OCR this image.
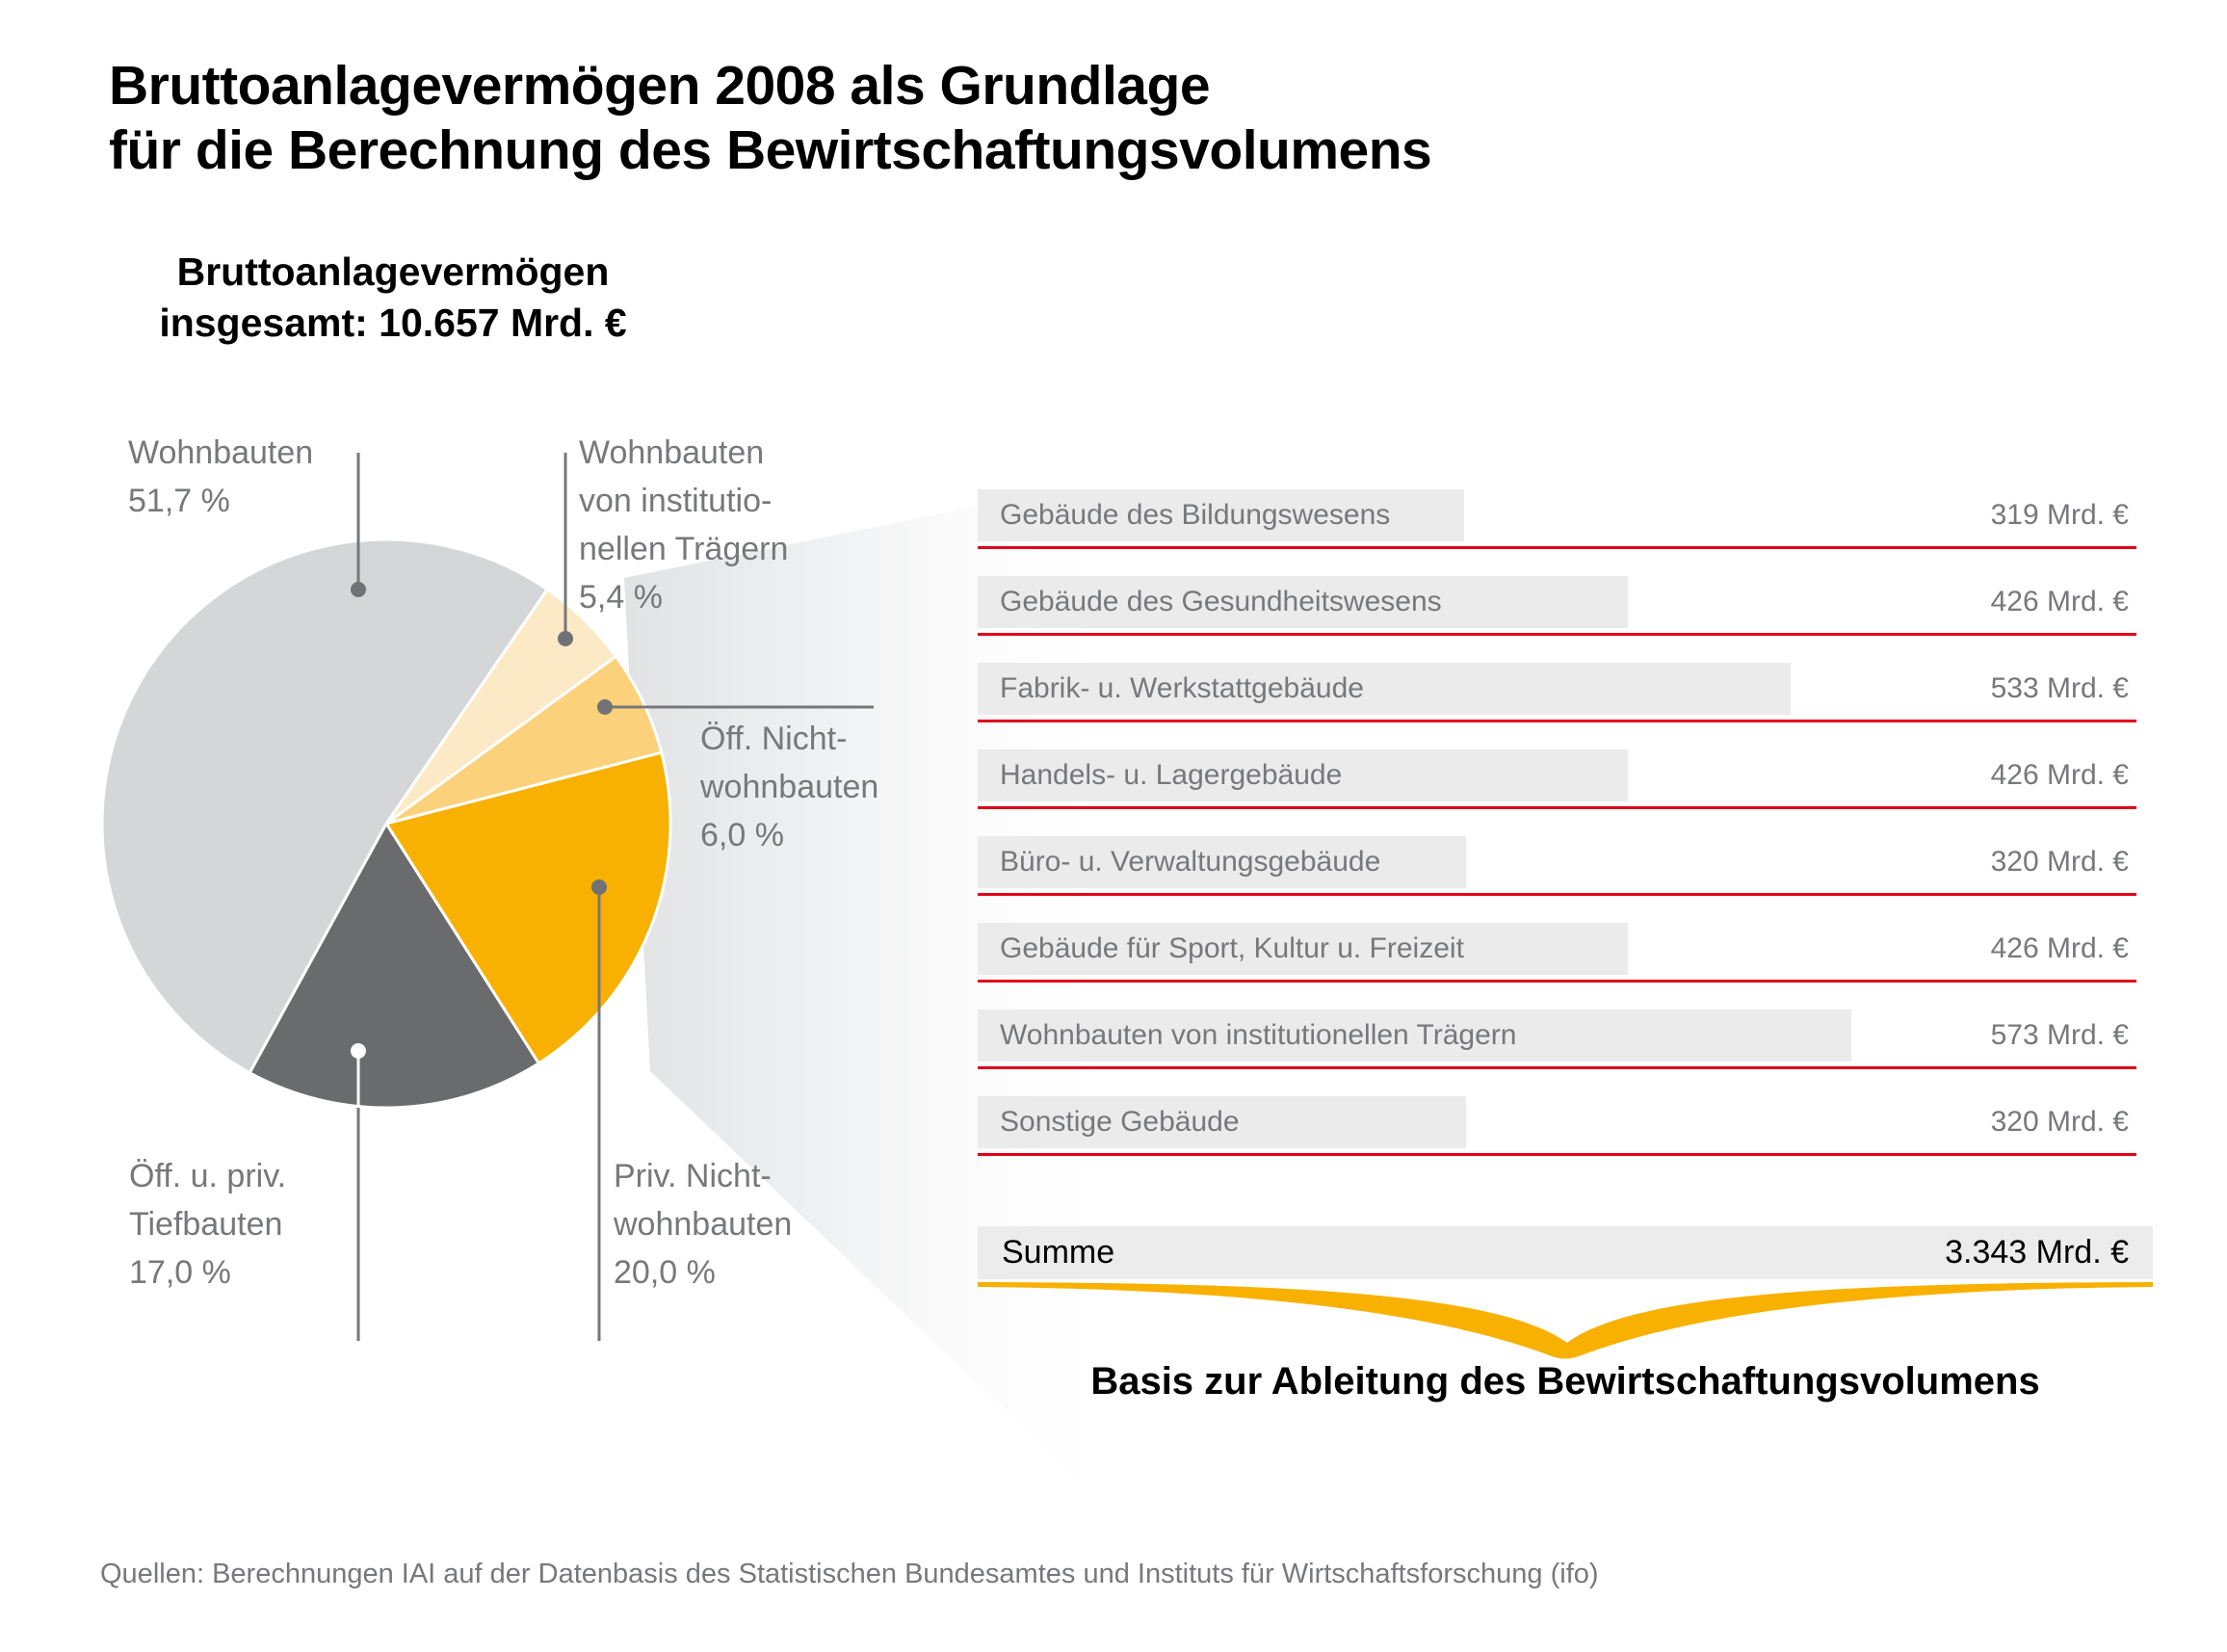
Bruttoanlagevermögen 2008 als Grundlage
für die Berechnung des Bewirtschaftungsvolumens
Bruttoanlagevermögen
insgesamt: 10.657 Mrd. €
Wohnbauten
51,7 %
Wohnbauten
von institutio-
nellen Trägern
5,4 %
Öff. Nicht-
wohnbauten
6,0 %
Priv. Nicht-
wohnbauten
20,0 %
Öff. u. priv.
Tiefbauten
17,0 %
Gebäude des Bildungswesens	319 Mrd. €
Gebäude des Gesundheitswesens	426 Mrd. €
Fabrik- u. Werkstattgebäude	533 Mrd. €
Handels- u. Lagergebäude	426 Mrd. €
Büro- u. Verwaltungsgebäude	320 Mrd. €
Gebäude für Sport, Kultur u. Freizeit	426 Mrd. €
Wohnbauten von institutionellen Trägern	573 Mrd. €
Sonstige Gebäude	320 Mrd. €
Summe	3.343 Mrd. €
Basis zur Ableitung des Bewirtschaftungsvolumens
Quellen: Berechnungen IAI auf der Datenbasis des Statistischen Bundesamtes und Instituts für Wirtschaftsforschung (ifo)
